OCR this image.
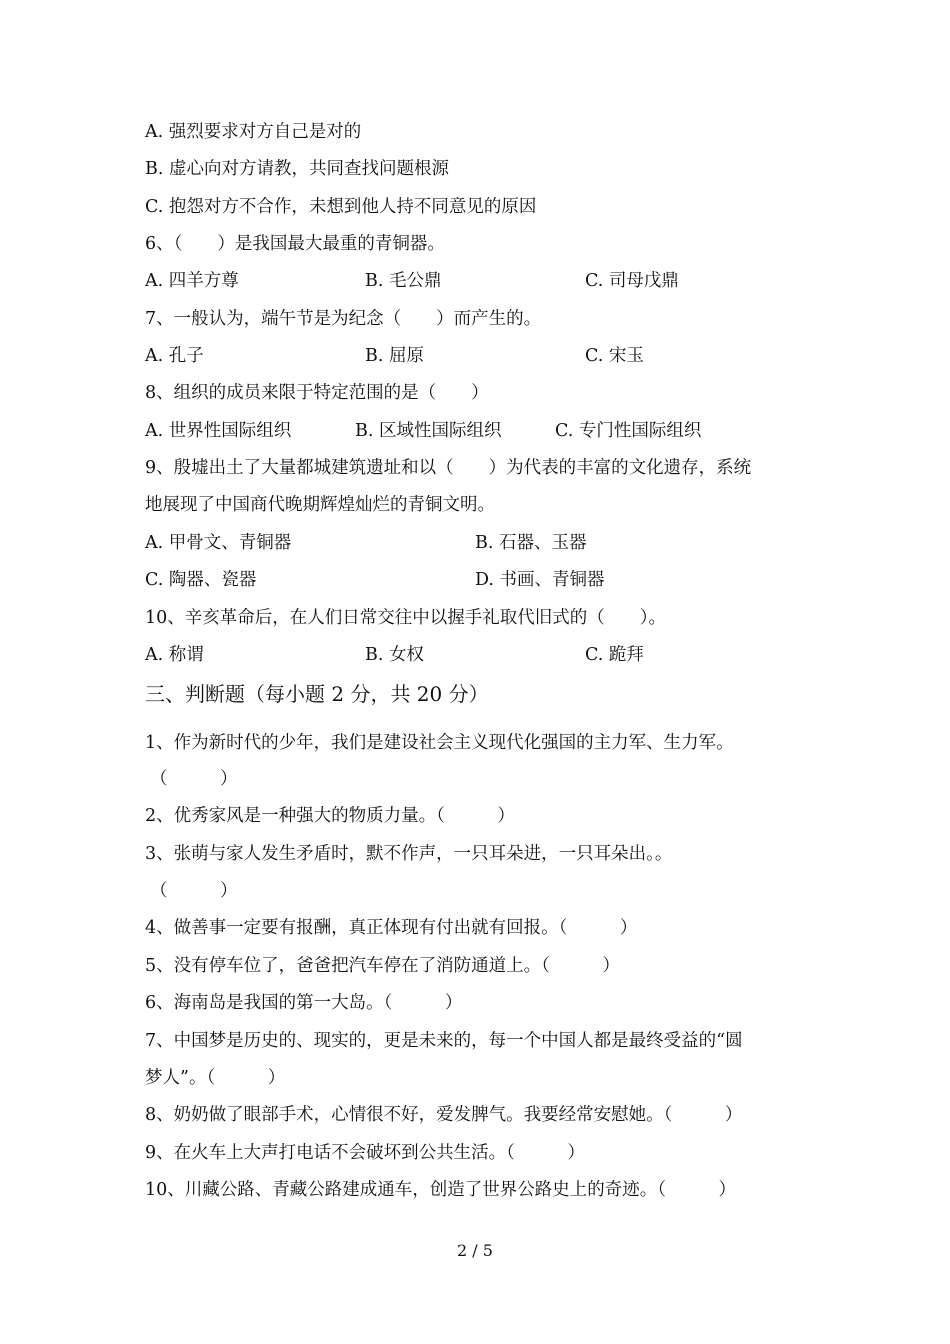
A. 强烈要求对方自己是对的
B. 虚心向对方请教，共同查找问题根源
C. 抱怨对方不合作，未想到他人持不同意见的原因
6、（　　）是我国最大最重的青铜器。
A. 四羊方尊	B. 毛公鼎	C. 司母戊鼎
7、一般认为，端午节是为纪念（　　）而产生的。
A. 孔子	B. 屈原	C. 宋玉
8、组织的成员来限于特定范围的是（　　）
A. 世界性国际组织	B. 区域性国际组织	C. 专门性国际组织
9、殷墟出土了大量都城建筑遗址和以（　　）为代表的丰富的文化遗存，系统
地展现了中国商代晚期辉煌灿烂的青铜文明。
A. 甲骨文、青铜器	B. 石器、玉器
C. 陶器、瓷器	D. 书画、青铜器
10、辛亥革命后，在人们日常交往中以握手礼取代旧式的（　　）。
A. 称谓	B. 女权	C. 跪拜
三、判断题（每小题 2 分，共 20 分）
1、作为新时代的少年，我们是建设社会主义现代化强国的主力军、生力军。
（　　　）
2、优秀家风是一种强大的物质力量。（　　　）
3、张萌与家人发生矛盾时，默不作声，一只耳朵进，一只耳朵出。。
（　　　）
4、做善事一定要有报酬，真正体现有付出就有回报。（　　　）
5、没有停车位了，爸爸把汽车停在了消防通道上。（　　　）
6、海南岛是我国的第一大岛。（　　　）
7、中国梦是历史的、现实的，更是未来的，每一个中国人都是最终受益的“圆
梦人”。（　　　）
8、奶奶做了眼部手术，心情很不好，爱发脾气。我要经常安慰她。（　　　）
9、在火车上大声打电话不会破坏到公共生活。（　　　）
10、川藏公路、青藏公路建成通车，创造了世界公路史上的奇迹。（　　　）
2 / 5
